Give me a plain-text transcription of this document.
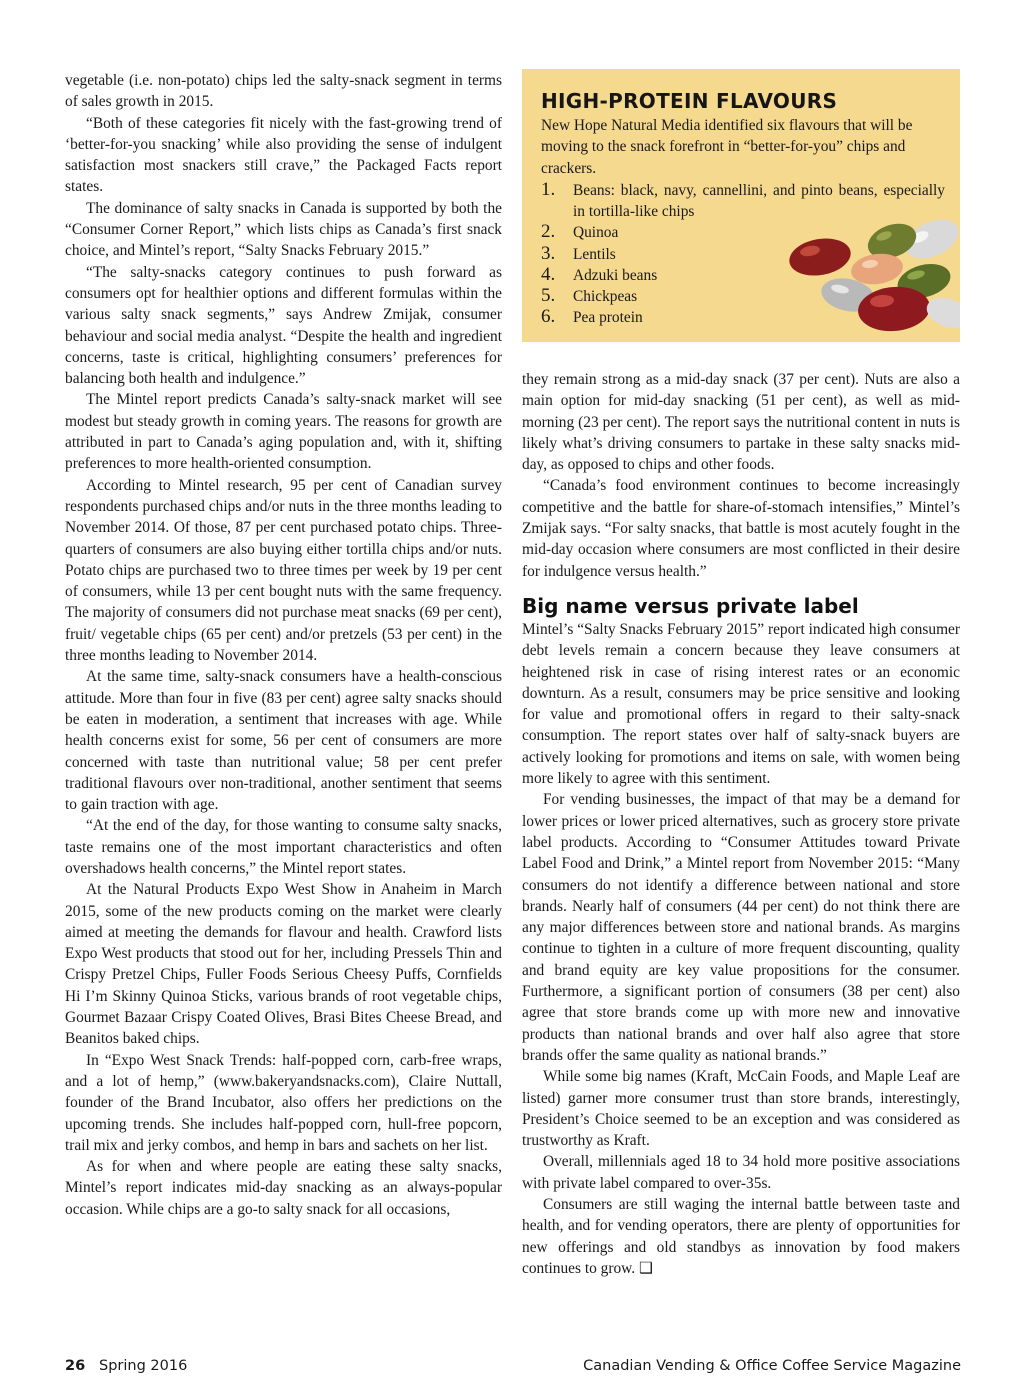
vegetable (i.e. non-potato) chips led the salty-snack segment in terms of sales growth in 2015.

“Both of these categories fit nicely with the fast-growing trend of ‘better-for-you snacking’ while also providing the sense of indulgent satisfaction most snackers still crave,” the Packaged Facts report states.

The dominance of salty snacks in Canada is supported by both the “Consumer Corner Report,” which lists chips as Canada’s first snack choice, and Mintel’s report, “Salty Snacks February 2015.”

“The salty-snacks category continues to push forward as consumers opt for healthier options and different formulas within the various salty snack segments,” says Andrew Zmijak, consumer behaviour and social media analyst. “Despite the health and ingredient concerns, taste is critical, highlighting consumers’ preferences for balancing both health and indulgence.”

The Mintel report predicts Canada’s salty-snack market will see modest but steady growth in coming years. The reasons for growth are attributed in part to Canada’s aging population and, with it, shifting preferences to more health-oriented consumption.

According to Mintel research, 95 per cent of Canadian survey respondents purchased chips and/or nuts in the three months leading to November 2014. Of those, 87 per cent purchased potato chips. Three-quarters of consumers are also buying either tortilla chips and/or nuts. Potato chips are purchased two to three times per week by 19 per cent of consumers, while 13 per cent bought nuts with the same frequency. The majority of consumers did not purchase meat snacks (69 per cent), fruit/ vegetable chips (65 per cent) and/or pretzels (53 per cent) in the three months leading to November 2014.

At the same time, salty-snack consumers have a health-conscious attitude. More than four in five (83 per cent) agree salty snacks should be eaten in moderation, a sentiment that increases with age. While health concerns exist for some, 56 per cent of consumers are more concerned with taste than nutritional value; 58 per cent prefer traditional flavours over non-traditional, another sentiment that seems to gain traction with age.

“At the end of the day, for those wanting to consume salty snacks, taste remains one of the most important characteristics and often overshadows health concerns,” the Mintel report states.

At the Natural Products Expo West Show in Anaheim in March 2015, some of the new products coming on the market were clearly aimed at meeting the demands for flavour and health. Crawford lists Expo West products that stood out for her, including Pressels Thin and Crispy Pretzel Chips, Fuller Foods Serious Cheesy Puffs, Cornfields Hi I’m Skinny Quinoa Sticks, various brands of root vegetable chips, Gourmet Bazaar Crispy Coated Olives, Brasi Bites Cheese Bread, and Beanitos baked chips.

In “Expo West Snack Trends: half-popped corn, carb-free wraps, and a lot of hemp,” (www.bakeryandsnacks.com), Claire Nuttall, founder of the Brand Incubator, also offers her predictions on the upcoming trends. She includes half-popped corn, hull-free popcorn, trail mix and jerky combos, and hemp in bars and sachets on her list.

As for when and where people are eating these salty snacks, Mintel’s report indicates mid-day snacking as an always-popular occasion. While chips are a go-to salty snack for all occasions,

HIGH-PROTEIN FLAVOURS
New Hope Natural Media identified six flavours that will be moving to the snack forefront in “better-for-you” chips and crackers.
1. Beans: black, navy, cannellini, and pinto beans, especially in tortilla-like chips
2. Quinoa
3. Lentils
4. Adzuki beans
5. Chickpeas
6. Pea protein

they remain strong as a mid-day snack (37 per cent). Nuts are also a main option for mid-day snacking (51 per cent), as well as mid-morning (23 per cent). The report says the nutritional content in nuts is likely what’s driving consumers to partake in these salty snacks mid-day, as opposed to chips and other foods.

“Canada’s food environment continues to become increasingly competitive and the battle for share-of-stomach intensifies,” Mintel’s Zmijak says. “For salty snacks, that battle is most acutely fought in the mid-day occasion where consumers are most conflicted in their desire for indulgence versus health.”

Big name versus private label

Mintel’s “Salty Snacks February 2015” report indicated high consumer debt levels remain a concern because they leave consumers at heightened risk in case of rising interest rates or an economic downturn. As a result, consumers may be price sensitive and looking for value and promotional offers in regard to their salty-snack consumption. The report states over half of salty-snack buyers are actively looking for promotions and items on sale, with women being more likely to agree with this sentiment.

For vending businesses, the impact of that may be a demand for lower prices or lower priced alternatives, such as grocery store private label products. According to “Consumer Attitudes toward Private Label Food and Drink,” a Mintel report from November 2015: “Many consumers do not identify a difference between national and store brands. Nearly half of consumers (44 per cent) do not think there are any major differences between store and national brands. As margins continue to tighten in a culture of more frequent discounting, quality and brand equity are key value propositions for the consumer. Furthermore, a significant portion of consumers (38 per cent) also agree that store brands come up with more new and innovative products than national brands and over half also agree that store brands offer the same quality as national brands.”

While some big names (Kraft, McCain Foods, and Maple Leaf are listed) garner more consumer trust than store brands, interestingly, President’s Choice seemed to be an exception and was considered as trustworthy as Kraft.

Overall, millennials aged 18 to 34 hold more positive associations with private label compared to over-35s.

Consumers are still waging the internal battle between taste and health, and for vending operators, there are plenty of opportunities for new offerings and old standbys as innovation by food makers continues to grow. ❑

26 Spring 2016	Canadian Vending & Office Coffee Service Magazine
